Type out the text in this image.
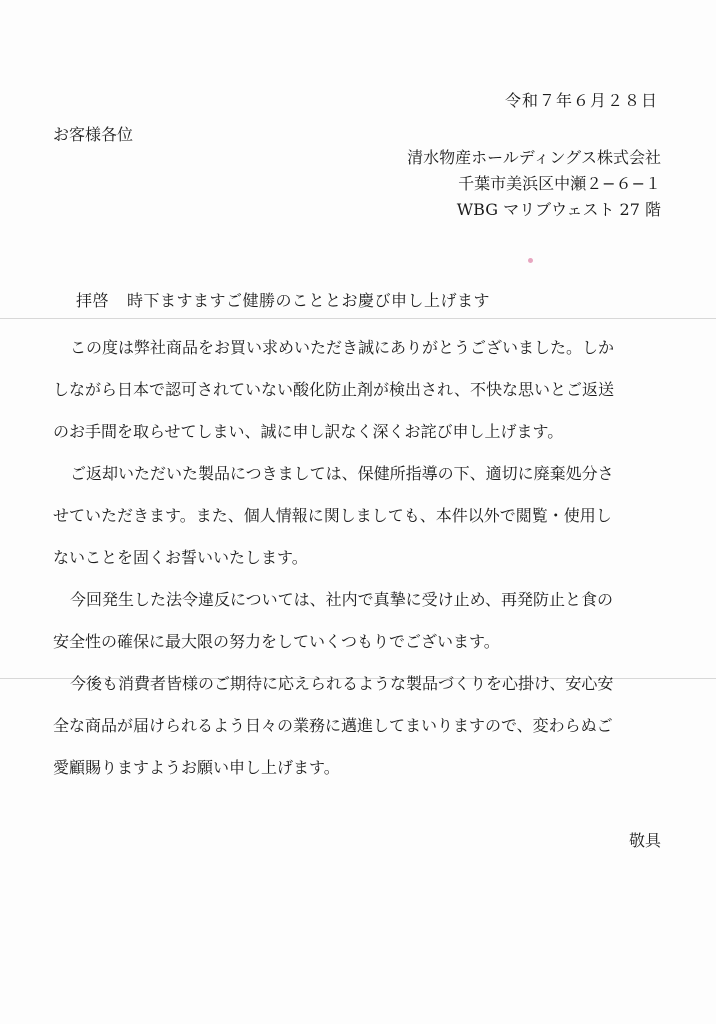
令和７年６月２８日
お客様各位
清水物産ホールディングス株式会社
千葉市美浜区中瀬２−６−１
WBG マリブウェスト 27 階
拝啓 時下ますますご健勝のこととお慶び申し上げます
この度は弊社商品をお買い求めいただき誠にありがとうございました。しか
しながら日本で認可されていない酸化防止剤が検出され、不快な思いとご返送
のお手間を取らせてしまい、誠に申し訳なく深くお詫び申し上げます。
ご返却いただいた製品につきましては、保健所指導の下、適切に廃棄処分さ
せていただきます。また、個人情報に関しましても、本件以外で閲覧・使用し
ないことを固くお誓いいたします。
今回発生した法令違反については、社内で真摯に受け止め、再発防止と食の
安全性の確保に最大限の努力をしていくつもりでございます。
今後も消費者皆様のご期待に応えられるような製品づくりを心掛け、安心安
全な商品が届けられるよう日々の業務に邁進してまいりますので、変わらぬご
愛顧賜りますようお願い申し上げます。
敬具
